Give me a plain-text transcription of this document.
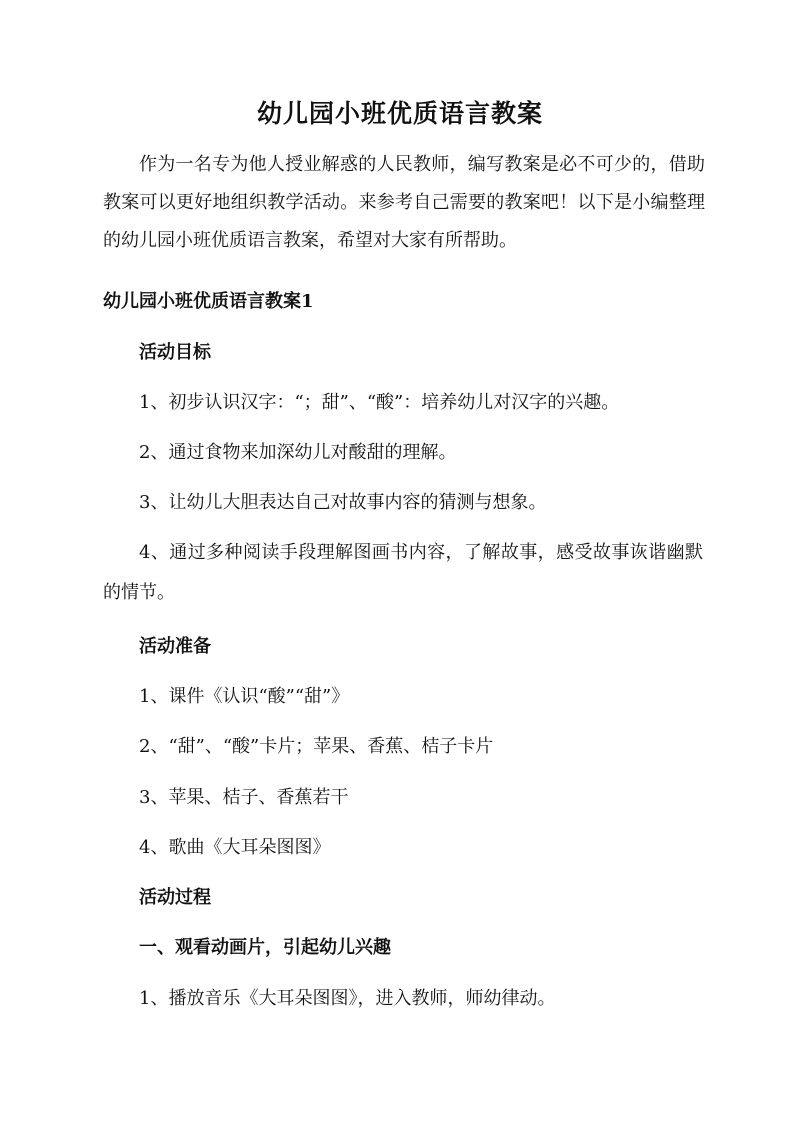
幼儿园小班优质语言教案
作为一名专为他人授业解惑的人民教师，编写教案是必不可少的，借助教案可以更好地组织教学活动。来参考自己需要的教案吧！以下是小编整理的幼儿园小班优质语言教案，希望对大家有所帮助。
幼儿园小班优质语言教案1
活动目标
1、初步认识汉字：“；甜”、“酸”：培养幼儿对汉字的兴趣。
2、通过食物来加深幼儿对酸甜的理解。
3、让幼儿大胆表达自己对故事内容的猜测与想象。
4、通过多种阅读手段理解图画书内容，了解故事，感受故事诙谐幽默的情节。
活动准备
1、课件《认识“酸”“甜”》
2、“甜”、“酸”卡片；苹果、香蕉、桔子卡片
3、苹果、桔子、香蕉若干
4、歌曲《大耳朵图图》
活动过程
一、观看动画片，引起幼儿兴趣
1、播放音乐《大耳朵图图》，进入教师，师幼律动。
